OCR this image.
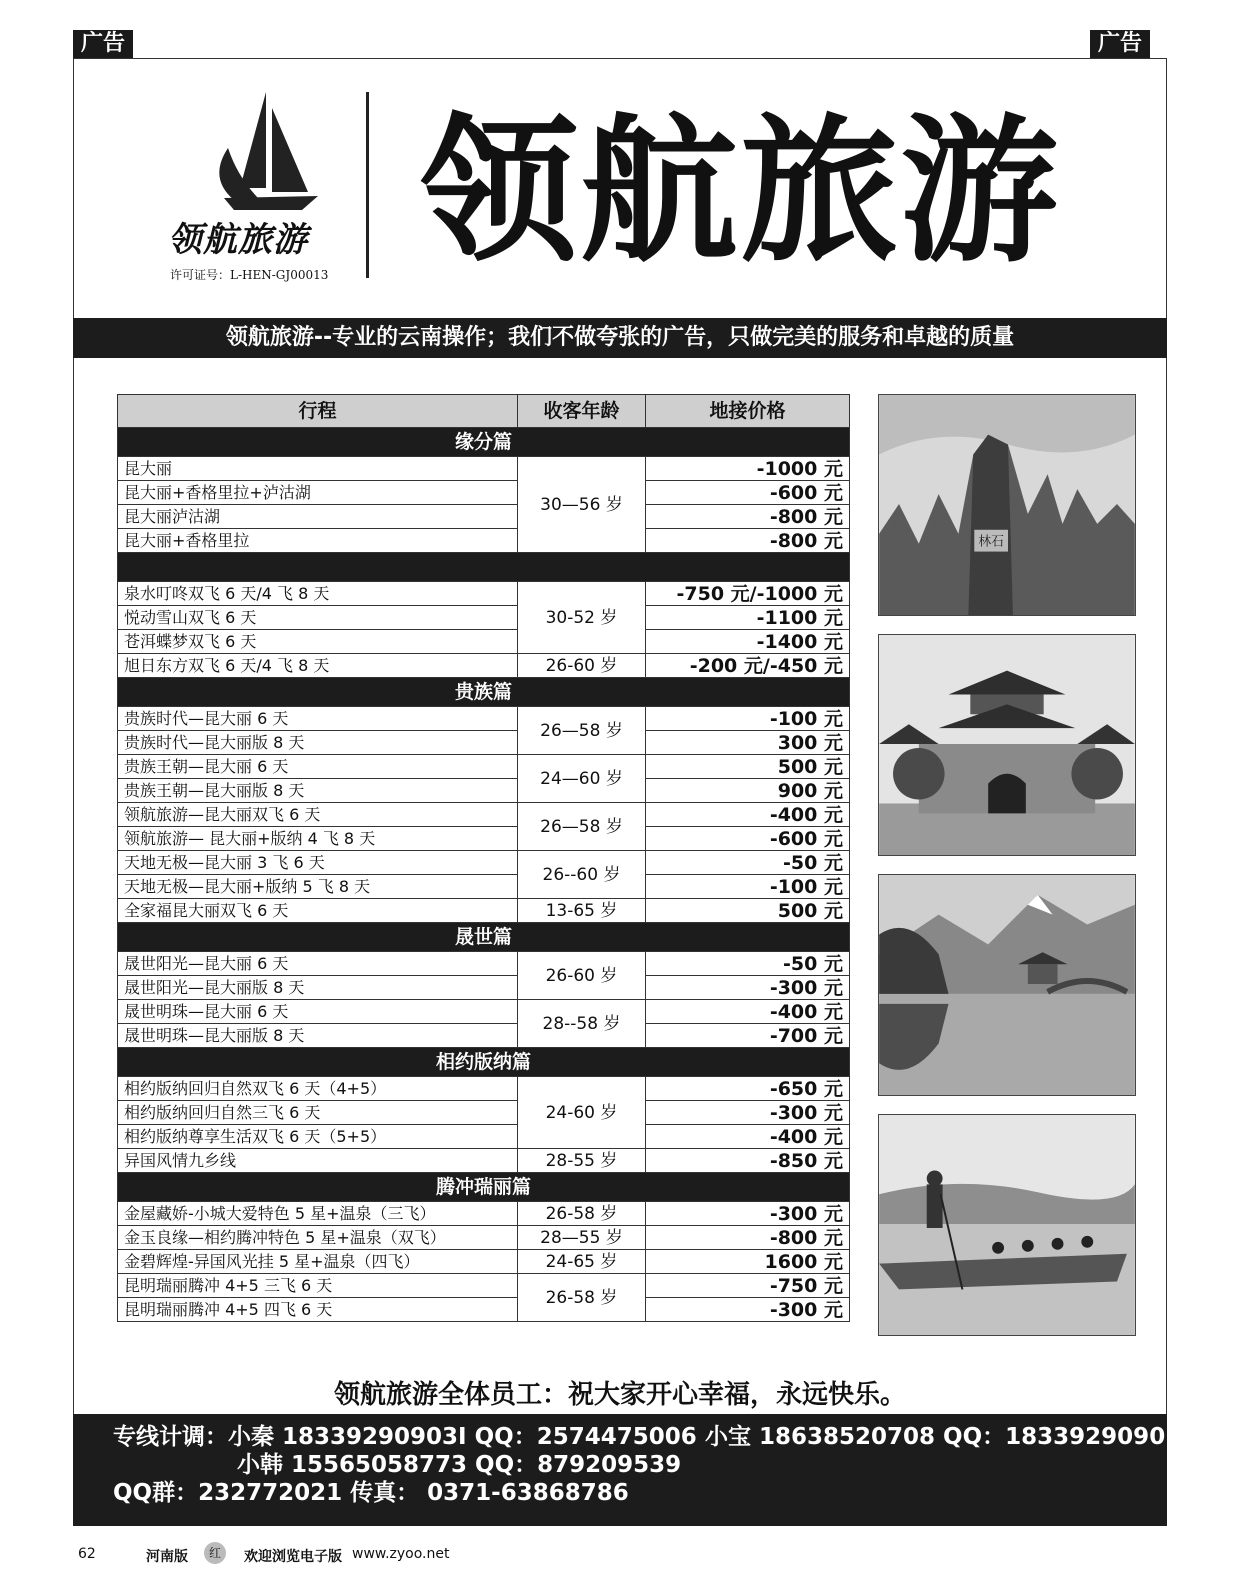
广告	广告
领航旅游
许可证号：L-HEN-GJ00013 领航旅游
领航旅游--专业的云南操作；我们不做夸张的广告，只做完美的服务和卓越的质量
行程	收客年龄	地接价格
缘分篇		
昆大丽	30—56 岁	-1000 元
昆大丽+香格里拉+泸沽湖		-600 元
昆大丽泸沽湖		-800 元
昆大丽+香格里拉		-800 元

泉水叮咚双飞 6 天/4 飞 8 天	30-52 岁	-750 元/-1000 元
悦动雪山双飞 6 天		-1100 元
苍洱蝶梦双飞 6 天		-1400 元
旭日东方双飞 6 天/4 飞 8 天	26-60 岁	-200 元/-450 元
贵族篇		
贵族时代—昆大丽 6 天	26—58 岁	-100 元
贵族时代—昆大丽版 8 天		300 元
贵族王朝—昆大丽 6 天	24—60 岁	500 元
贵族王朝—昆大丽版 8 天		900 元
领航旅游—昆大丽双飞 6 天	26—58 岁	-400 元
领航旅游— 昆大丽+版纳 4 飞 8 天		-600 元
天地无极—昆大丽 3 飞 6 天	26--60 岁	-50 元
天地无极—昆大丽+版纳 5 飞 8 天		-100 元
全家福昆大丽双飞 6 天	13-65 岁	500 元
晟世篇		
晟世阳光—昆大丽 6 天	26-60 岁	-50 元
晟世阳光—昆大丽版 8 天		-300 元
晟世明珠—昆大丽 6 天	28--58 岁	-400 元
晟世明珠—昆大丽版 8 天		-700 元
相约版纳篇		
相约版纳回归自然双飞 6 天（4+5）	24-60 岁	-650 元
相约版纳回归自然三飞 6 天		-300 元
相约版纳尊享生活双飞 6 天（5+5）		-400 元
异国风情九乡线	28-55 岁	-850 元
腾冲瑞丽篇		
金屋藏娇-小城大爱特色 5 星+温泉（三飞）	26-58 岁	-300 元
金玉良缘—相约腾冲特色 5 星+温泉（双飞）	28—55 岁	-800 元
金碧辉煌-异国风光挂 5 星+温泉（四飞）	24-65 岁	1600 元
昆明瑞丽腾冲 4+5 三飞 6 天	26-58 岁	-750 元
昆明瑞丽腾冲 4+5 四飞 6 天		-300 元
林石
领航旅游全体员工：祝大家开心幸福，永远快乐。
专线计调：小秦 18339290903I QQ：2574475006 小宝 18638520708 QQ：18339290901
小韩 15565058773 QQ：879209539
QQ群：232772021 传真： 0371-63868786
62	河南版	红	欢迎浏览电子版 www.zyoo.net
